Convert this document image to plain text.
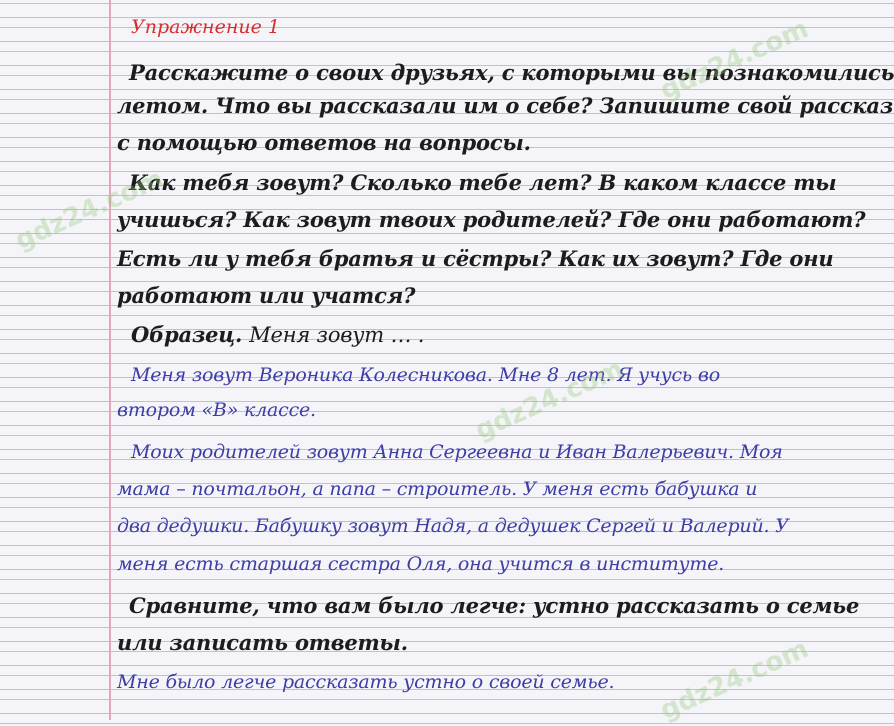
Упражнение 1
Расскажите о своих друзьях, с которыми вы познакомились
летом. Что вы рассказали им о себе? Запишите свой рассказ
с помощью ответов на вопросы.
Как тебя зовут? Сколько тебе лет? В каком классе ты
учишься? Как зовут твоих родителей? Где они работают?
Есть ли у тебя братья и сёстры? Как их зовут? Где они
работают или учатся?
Образец. Меня зовут … .
Меня зовут Вероника Колесникова. Мне 8 лет. Я учусь во
втором «В» классе.
Моих родителей зовут Анна Сергеевна и Иван Валерьевич. Моя
мама – почтальон, а папа – строитель. У меня есть бабушка и
два дедушки. Бабушку зовут Надя, а дедушек Сергей и Валерий. У
меня есть старшая сестра Оля, она учится в институте.
Сравните, что вам было легче: устно рассказать о семье
или записать ответы.
Мне было легче рассказать устно о своей семье.
gdz24.com
gdz24.com
gdz24.com
gdz24.com
